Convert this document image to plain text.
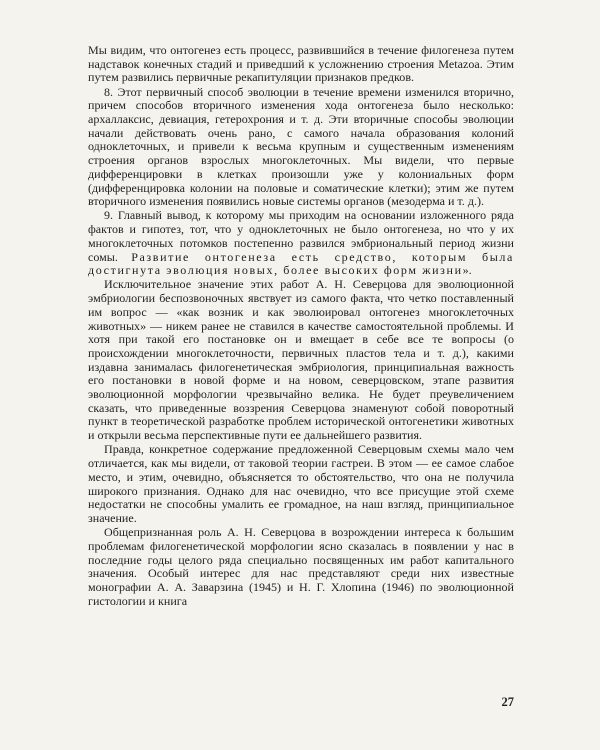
Мы видим, что онтогенез есть процесс, развившийся в течение филогенеза путем надставок конечных стадий и приведший к усложнению строения Metazoa. Этим путем развились первичные рекапитуляции признаков предков.

8. Этот первичный способ эволюции в течение времени изменился вторично, причем способов вторичного изменения хода онтогенеза было несколько: архаллаксис, девиация, гетерохрония и т. д. Эти вторичные способы эволюции начали действовать очень рано, с самого начала образования колоний одноклеточных, и привели к весьма крупным и существенным изменениям строения органов взрослых многоклеточных. Мы видели, что первые дифференцировки в клетках произошли уже у колониальных форм (дифференцировка колонии на половые и соматические клетки); этим же путем вторичного изменения появились новые системы органов (мезодерма и т. д.).

9. Главный вывод, к которому мы приходим на основании изложенного ряда фактов и гипотез, тот, что у одноклеточных не было онтогенеза, но что у их многоклеточных потомков постепенно развился эмбриональный период жизни сомы. Развитие онтогенеза есть средство, которым была достигнута эволюция новых, более высоких форм жизни».

Исключительное значение этих работ А. Н. Северцова для эволюционной эмбриологии беспозвоночных явствует из самого факта, что четко поставленный им вопрос — «как возник и как эволюировал онтогенез многоклеточных животных» — никем ранее не ставился в качестве самостоятельной проблемы. И хотя при такой его постановке он и вмещает в себе все те вопросы (о происхождении многоклеточности, первичных пластов тела и т. д.), какими издавна занималась филогенетическая эмбриология, принципиальная важность его постановки в новой форме и на новом, северцовском, этапе развития эволюционной морфологии чрезвычайно велика. Не будет преувеличением сказать, что приведенные воззрения Северцова знаменуют собой поворотный пункт в теоретической разработке проблем исторической онтогенетики животных и открыли весьма перспективные пути ее дальнейшего развития.

Правда, конкретное содержание предложенной Северцовым схемы мало чем отличается, как мы видели, от таковой теории гастреи. В этом — ее самое слабое место, и этим, очевидно, объясняется то обстоятельство, что она не получила широкого признания. Однако для нас очевидно, что все присущие этой схеме недостатки не способны умалить ее громадное, на наш взгляд, принципиальное значение.

Общепризнанная роль А. Н. Северцова в возрождении интереса к большим проблемам филогенетической морфологии ясно сказалась в появлении у нас в последние годы целого ряда специально посвященных им работ капитального значения. Особый интерес для нас представляют среди них известные монографии А. А. Заварзина (1945) и Н. Г. Хлопина (1946) по эволюционной гистологии и книга

27
